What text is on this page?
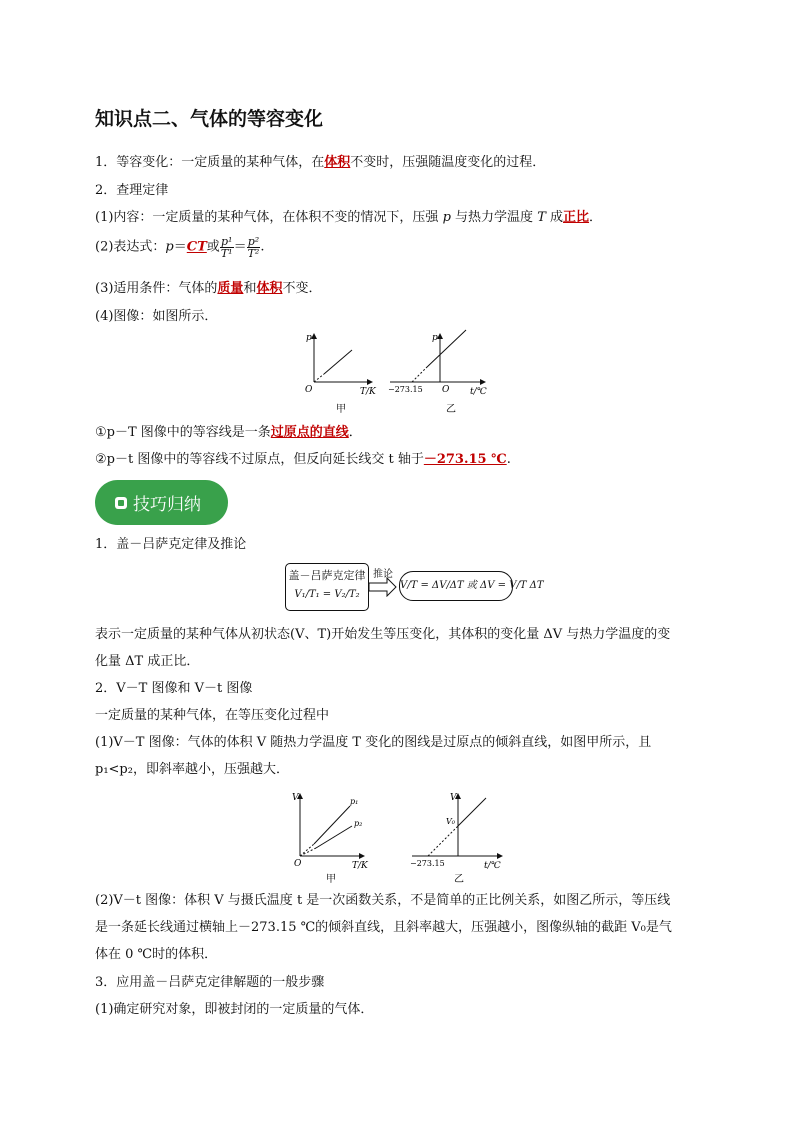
知识点二、气体的等容变化
1．等容变化：一定质量的某种气体，在体积不变时，压强随温度变化的过程．
2．查理定律
(1)内容：一定质量的某种气体，在体积不变的情况下，压强 p 与热力学温度 T 成正比．
(2)表达式：p＝CT或 $\frac{\text{p¹}}{\text{T¹}} = \frac{\text{p²}}{\text{T²}}$ .
(3)适用条件：气体的质量和体积不变．
(4)图像：如图所示．
p
O	T/K
甲
p
O
−273.15	t/℃
乙
①p－T 图像中的等容线是一条过原点的直线．
②p－t 图像中的等容线不过原点，但反向延长线交 t 轴于－273.15 ℃.
技巧归纳
1．盖－吕萨克定律及推论
盖－吕萨克定律
V₁/T₁ = V₂/T₂
推论
V/T = ΔV/ΔT 或 ΔV = V/T ΔT
表示一定质量的某种气体从初状态(V、T)开始发生等压变化，其体积的变化量 ΔV 与热力学温度的变
化量 ΔT 成正比．
2．V－T 图像和 V－t 图像
一定质量的某种气体，在等压变化过程中
(1)V－T 图像：气体的体积 V 随热力学温度 T 变化的图线是过原点的倾斜直线，如图甲所示，且
p₁<p₂，即斜率越小，压强越大．
V
O	T/K
p₁
p₂
甲
V
V₀
−273.15	t/℃
乙
(2)V－t 图像：体积 V 与摄氏温度 t 是一次函数关系，不是简单的正比例关系，如图乙所示，等压线
是一条延长线通过横轴上－273.15 ℃的倾斜直线，且斜率越大，压强越小，图像纵轴的截距 V₀是气
体在 0 ℃时的体积．
3．应用盖－吕萨克定律解题的一般步骤
(1)确定研究对象，即被封闭的一定质量的气体．
